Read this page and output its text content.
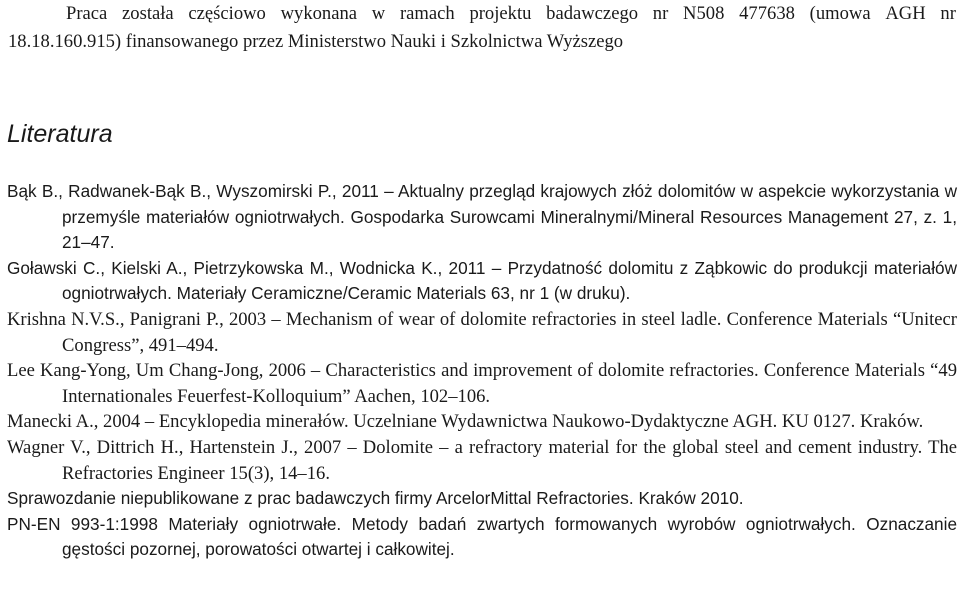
Praca została częściowo wykonana w ramach projektu badawczego nr N508 477638 (umowa AGH nr
18.18.160.915) finansowanego przez Ministerstwo Nauki i Szkolnictwa Wyższego
Literatura
Bąk B., Radwanek-Bąk B., Wyszomirski P., 2011 – Aktualny przegląd krajowych złóż dolomitów w aspekcie wykorzystania w przemyśle materiałów ogniotrwałych. Gospodarka Surowcami Mineralnymi/Mineral Resources Management 27, z. 1, 21–47.
Goławski C., Kielski A., Pietrzykowska M., Wodnicka K., 2011 – Przydatność dolomitu z Ząbkowic do produkcji materiałów ogniotrwałych. Materiały Ceramiczne/Ceramic Materials 63, nr 1 (w druku).
Krishna N.V.S., Panigrani P., 2003 – Mechanism of wear of dolomite refractories in steel ladle. Conference Materials “Unitecr Congress”, 491–494.
Lee Kang-Yong, Um Chang-Jong, 2006 – Characteristics and improvement of dolomite refractories. Conference Materials “49 Internationales Feuerfest-Kolloquium” Aachen, 102–106.
Manecki A., 2004 – Encyklopedia minerałów. Uczelniane Wydawnictwa Naukowo-Dydaktyczne AGH. KU 0127. Kraków.
Wagner V., Dittrich H., Hartenstein J., 2007 – Dolomite – a refractory material for the global steel and cement industry. The Refractories Engineer 15(3), 14–16.
Sprawozdanie niepublikowane z prac badawczych firmy ArcelorMittal Refractories. Kraków 2010.
PN-EN 993-1:1998 Materiały ogniotrwałe. Metody badań zwartych formowanych wyrobów ogniotrwałych. Oznaczanie gęstości pozornej, porowatości otwartej i całkowitej.
